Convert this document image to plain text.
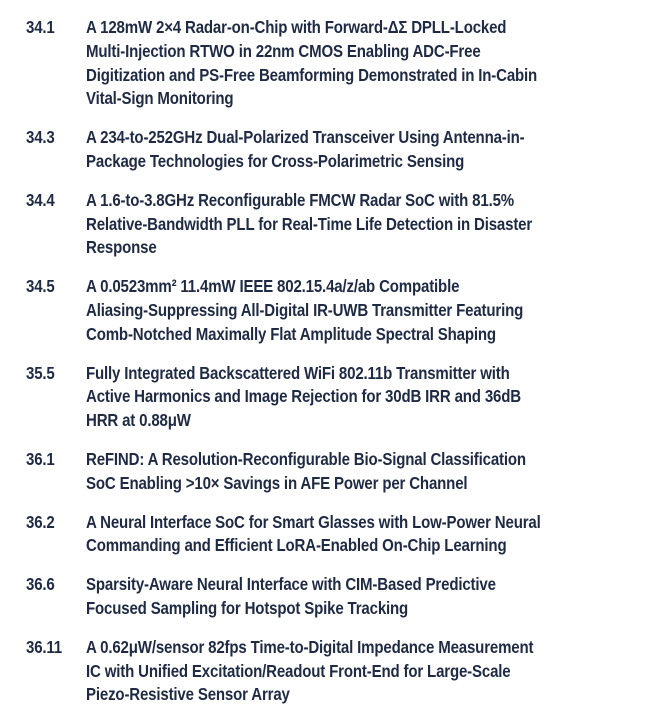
34.1	A 128mW 2×4 Radar-on-Chip with Forward-ΔΣ DPLL-Locked
Multi-Injection RTWO in 22nm CMOS Enabling ADC-Free
Digitization and PS-Free Beamforming Demonstrated in In-Cabin
Vital-Sign Monitoring
34.3	A 234-to-252GHz Dual-Polarized Transceiver Using Antenna-in-
Package Technologies for Cross-Polarimetric Sensing
34.4	A 1.6-to-3.8GHz Reconfigurable FMCW Radar SoC with 81.5%
Relative-Bandwidth PLL for Real-Time Life Detection in Disaster
Response
34.5	A 0.0523mm² 11.4mW IEEE 802.15.4a/z/ab Compatible
Aliasing-Suppressing All-Digital IR-UWB Transmitter Featuring
Comb-Notched Maximally Flat Amplitude Spectral Shaping
35.5	Fully Integrated Backscattered WiFi 802.11b Transmitter with
Active Harmonics and Image Rejection for 30dB IRR and 36dB
HRR at 0.88μW
36.1	ReFIND: A Resolution-Reconfigurable Bio-Signal Classification
SoC Enabling >10× Savings in AFE Power per Channel
36.2	A Neural Interface SoC for Smart Glasses with Low-Power Neural
Commanding and Efficient LoRA-Enabled On-Chip Learning
36.6	Sparsity-Aware Neural Interface with CIM-Based Predictive
Focused Sampling for Hotspot Spike Tracking
36.11	A 0.62μW/sensor 82fps Time-to-Digital Impedance Measurement
IC with Unified Excitation/Readout Front-End for Large-Scale
Piezo-Resistive Sensor Array
